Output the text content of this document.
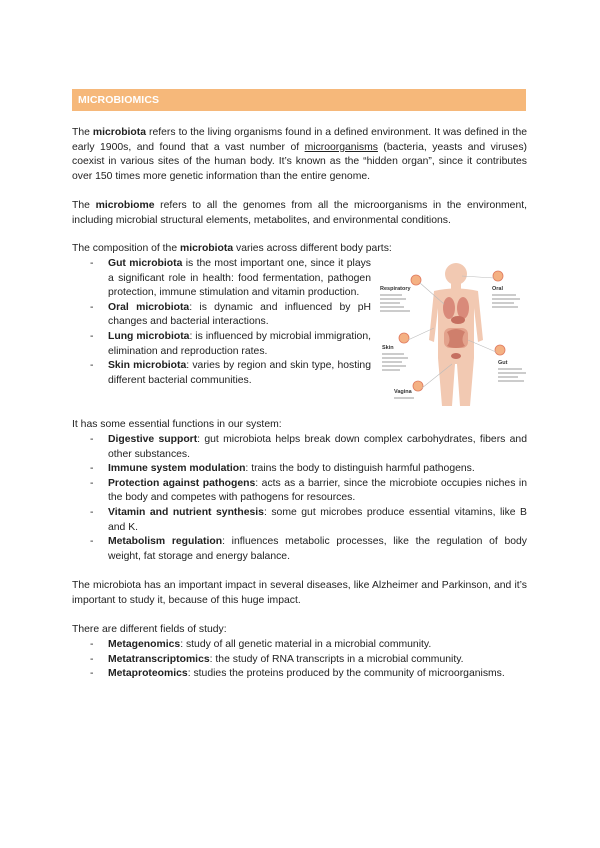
MICROBIOMICS

The microbiota refers to the living organisms found in a defined environment. It was defined in the early 1900s, and found that a vast number of microorganisms (bacteria, yeasts and viruses) coexist in various sites of the human body. It’s known as the “hidden organ”, since it contributes over 150 times more genetic information than the entire genome.

The microbiome refers to all the genomes from all the microorganisms in the environment, including microbial structural elements, metabolites, and environmental conditions.

The composition of the microbiota varies across different body parts:

- Gut microbiota is the most important one, since it plays a significant role in health: food fermentation, pathogen protection, immune stimulation and vitamin production.
- Oral microbiota: is dynamic and influenced by pH changes and bacterial interactions.
- Lung microbiota: is influenced by microbial immigration, elimination and reproduction rates.
- Skin microbiota: varies by region and skin type, hosting different bacterial communities.
Respiratory	Oral
Skin
Gut
Vagina

It has some essential functions in our system:

- Digestive support: gut microbiota helps break down complex carbohydrates, fibers and other substances.
- Immune system modulation: trains the body to distinguish harmful pathogens.
- Protection against pathogens: acts as a barrier, since the microbiote occupies niches in the body and competes with pathogens for resources.
- Vitamin and nutrient synthesis: some gut microbes produce essential vitamins, like B and K.
- Metabolism regulation: influences metabolic processes, like the regulation of body weight, fat storage and energy balance.

The microbiota has an important impact in several diseases, like Alzheimer and Parkinson, and it’s important to study it, because of this huge impact.

There are different fields of study:

- Metagenomics: study of all genetic material in a microbial community.
- Metatranscriptomics: the study of RNA transcripts in a microbial community.
- Metaproteomics: studies the proteins produced by the community of microorganisms.
